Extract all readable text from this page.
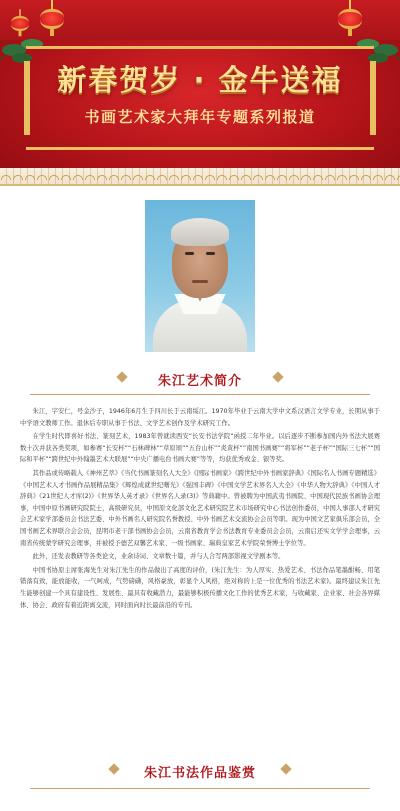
新春贺岁 · 金牛送福
书画艺术家大拜年专题系列报道
朱江艺术简介

朱江，字安仁，号金沙子，1946年6月生于四川长于云南绥江。1970年毕业于云南大学中文系汉语言文学专业，长期从事于中学语文教师工作。退休后专职从事于书法、文学艺术创作及学术研究工作。

在学生时代即喜好书法、篆刻艺术，1983年曾就读西安“长安书法学院”函授二年毕业。以后逐步不断参加国内外书法大展赛数十次并获各类奖项，如参赛“长安杯”“石林碑林”“草原颂”“五台山杯”“炎黄杯”“南国书画赛”“将军杯”“老子杯”“国际三七杯”“国际和平杯”“跨世纪中外翰墨艺术大联展”“中央广播电台书画大赛”等等，均获优秀或金、银等奖。

其作品或传略载入《神州艺萃》《当代书画篆刻名人大全》《国际书画家》《跨世纪中外书画家辞典》《国际名人书画专题精选》《中国艺术人才书画作品展精品集》《辉煌成就世纪曙光》《强国丰碑》《中国文学艺术界名人大全》《中华人物大辞典》《中国人才辞典》《21世纪人才库(2)》《世界华人英才录》《世界名人录(3)》等典籍中。曾被聘为中国武夷书画院、中国现代民族书画协会理事，中国中原书画研究院院士，高级研究员，中国原文化部文化艺术研究院艺术市场研究中心书法创作委员，中国人事部人才研究会艺术家学部委员会书法艺委、中外书画名人研究院名誉教授、中外书画艺术交流协会会员等职。现为中国文艺家俱乐部会员，全国书画艺术界联合会会员，昆明市老干部书画协会会员，云南省教育学会书法教育专业委员会会员，云南启还实文学学会理事，云南省传统蒙学研究会理事，并被授予德艺双馨艺术家、一级书画家、瑞典皇家艺术学院荣誉博士学位等。

此外，还发表教研等各类论文，业余诗词、文章数十篇，并与人合写两部影视文学剧本等。

中国书协原主席张海先生对朱江先生的作品做出了高度的评价，(朱江先生：为人厚实、热爱艺术、书法作品笔墨酣畅、用笔错落有致，能放能收，一气呵成，气势磅礴，风格豪放，彰显个人风格，绝对称的上是一位优秀的书法艺术家)。最终建议朱江先生能够创建一个具有建设性、发展性、最具有收藏潜力，最能够积极传播文化工作的优秀艺术家，与收藏家、企业家、社会各界媒体、协会、政府有着近距离交流，同时面向时长最前沿的专刊。

朱江书法作品鉴赏
